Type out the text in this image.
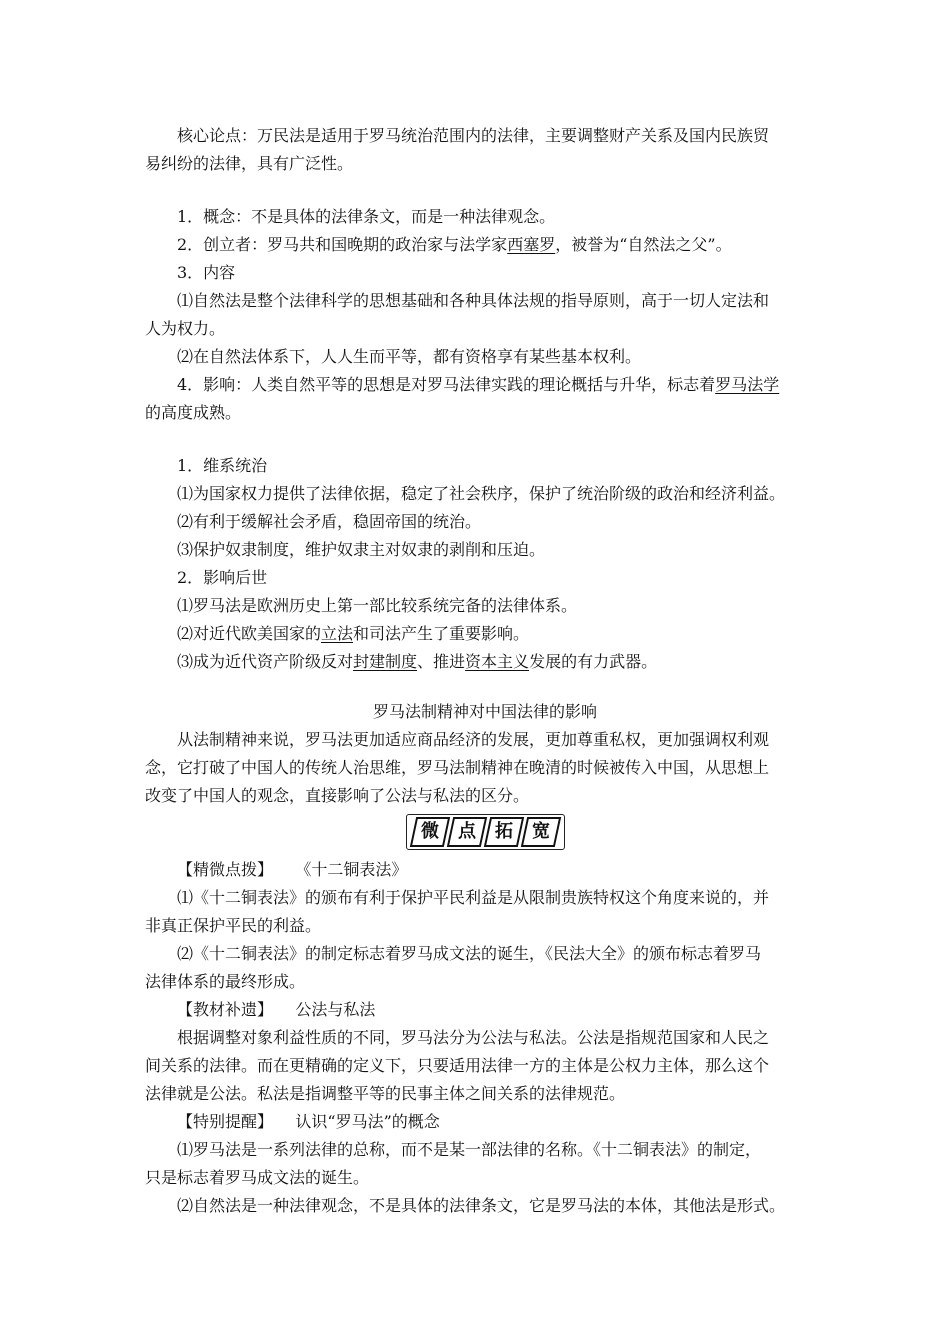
核心论点：万民法是适用于罗马统治范围内的法律，主要调整财产关系及国内民族贸

易纠纷的法律，具有广泛性。

1．概念：不是具体的法律条文，而是一种法律观念。

2．创立者：罗马共和国晚期的政治家与法学家西塞罗，被誉为“自然法之父”。

3．内容

⑴自然法是整个法律科学的思想基础和各种具体法规的指导原则，高于一切人定法和

人为权力。

⑵在自然法体系下，人人生而平等，都有资格享有某些基本权利。

4．影响：人类自然平等的思想是对罗马法律实践的理论概括与升华，标志着罗马法学

的高度成熟。

1．维系统治

⑴为国家权力提供了法律依据，稳定了社会秩序，保护了统治阶级的政治和经济利益。

⑵有利于缓解社会矛盾，稳固帝国的统治。

⑶保护奴隶制度，维护奴隶主对奴隶的剥削和压迫。

2．影响后世

⑴罗马法是欧洲历史上第一部比较系统完备的法律体系。

⑵对近代欧美国家的立法和司法产生了重要影响。

⑶成为近代资产阶级反对封建制度、推进资本主义发展的有力武器。

罗马法制精神对中国法律的影响

从法制精神来说，罗马法更加适应商品经济的发展，更加尊重私权，更加强调权利观

念，它打破了中国人的传统人治思维，罗马法制精神在晚清的时候被传入中国，从思想上

改变了中国人的观念，直接影响了公法与私法的区分。

微	点	拓	宽

【精微点拨】 《十二铜表法》

⑴《十二铜表法》的颁布有利于保护平民利益是从限制贵族特权这个角度来说的，并

非真正保护平民的利益。

⑵《十二铜表法》的制定标志着罗马成文法的诞生，《民法大全》的颁布标志着罗马

法律体系的最终形成。

【教材补遗】 公法与私法

根据调整对象利益性质的不同，罗马法分为公法与私法。公法是指规范国家和人民之

间关系的法律。而在更精确的定义下，只要适用法律一方的主体是公权力主体，那么这个

法律就是公法。私法是指调整平等的民事主体之间关系的法律规范。

【特别提醒】 认识“罗马法”的概念

⑴罗马法是一系列法律的总称，而不是某一部法律的名称。《十二铜表法》的制定，

只是标志着罗马成文法的诞生。

⑵自然法是一种法律观念，不是具体的法律条文，它是罗马法的本体，其他法是形式。
